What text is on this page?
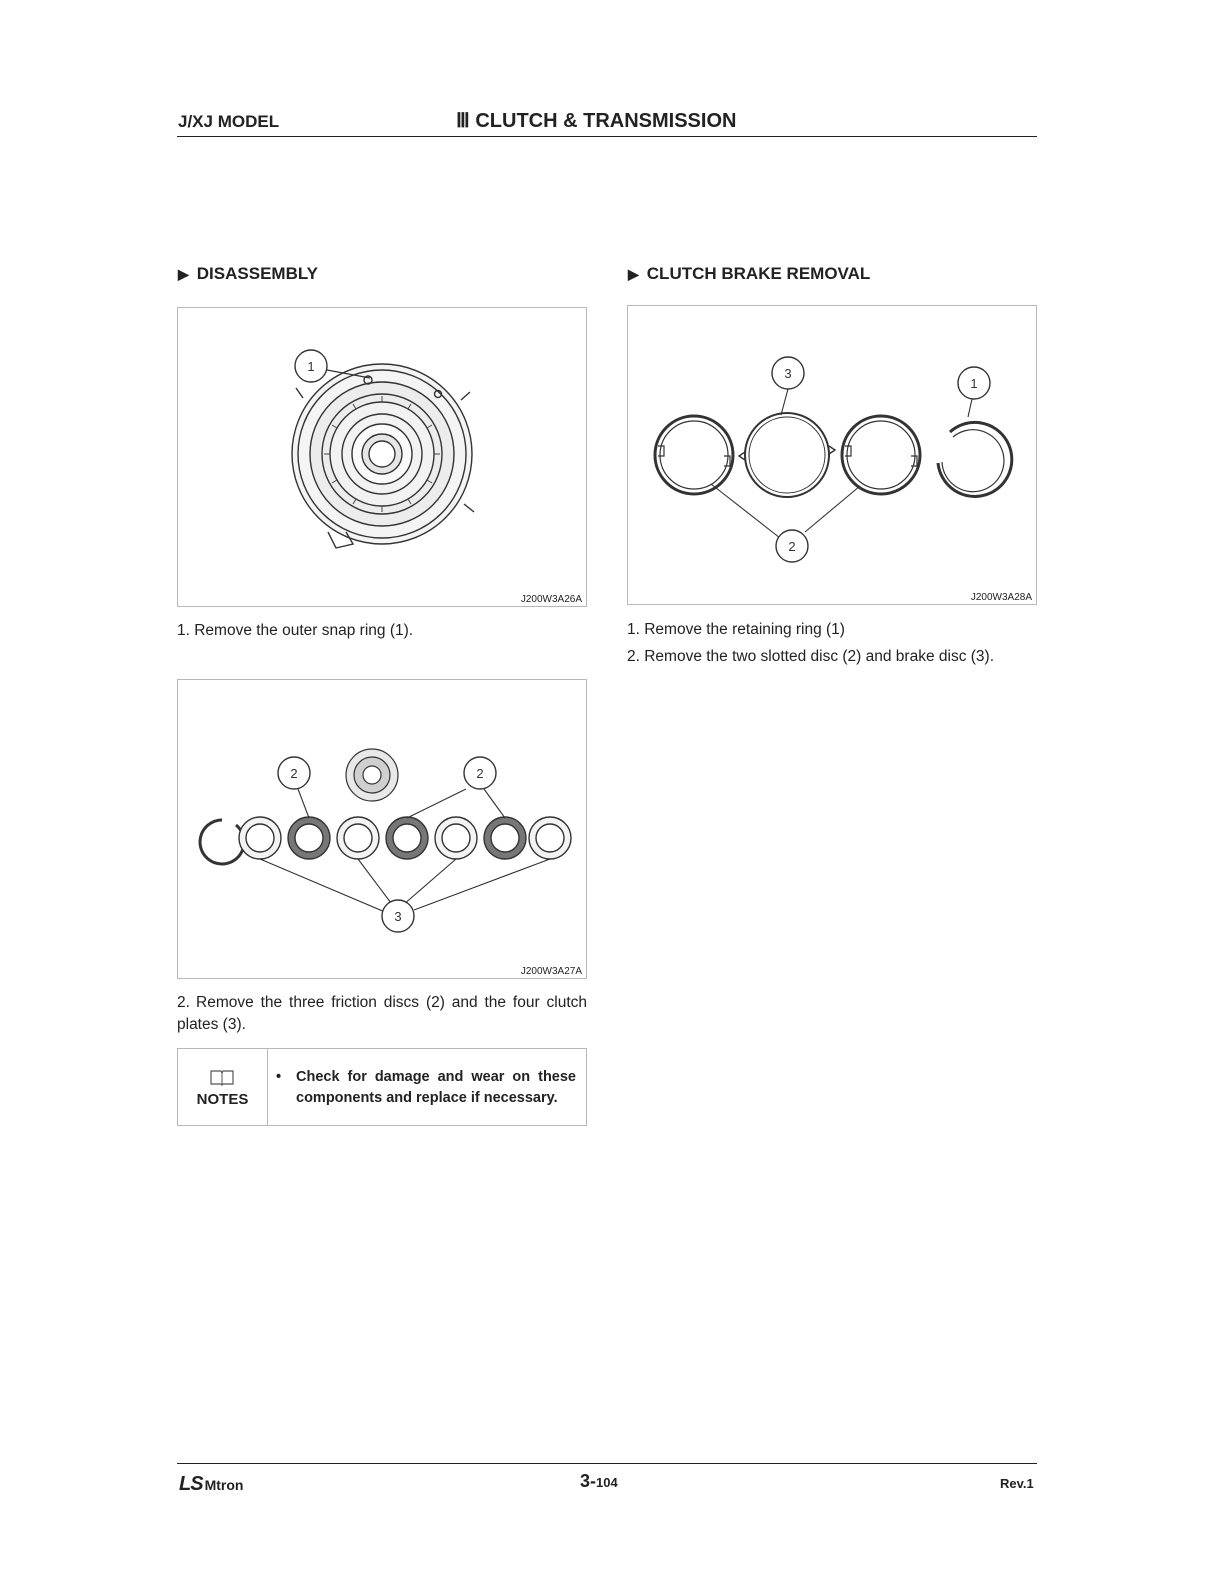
J/XJ MODEL	Ⅲ CLUTCH & TRANSMISSION
▶ DISASSEMBLY
1
J200W3A26A
1. Remove the outer snap ring (1).
2	2
3
J200W3A27A
2. Remove the three friction discs (2) and the four clutch plates (3).
NOTES
•	Check for damage and wear on these components and replace if necessary.
▶ CLUTCH BRAKE REMOVAL
3
1
2
J200W3A28A
1. Remove the retaining ring (1)
2. Remove the two slotted disc (2) and brake disc (3).
LS Mtron	3-104	Rev.1
